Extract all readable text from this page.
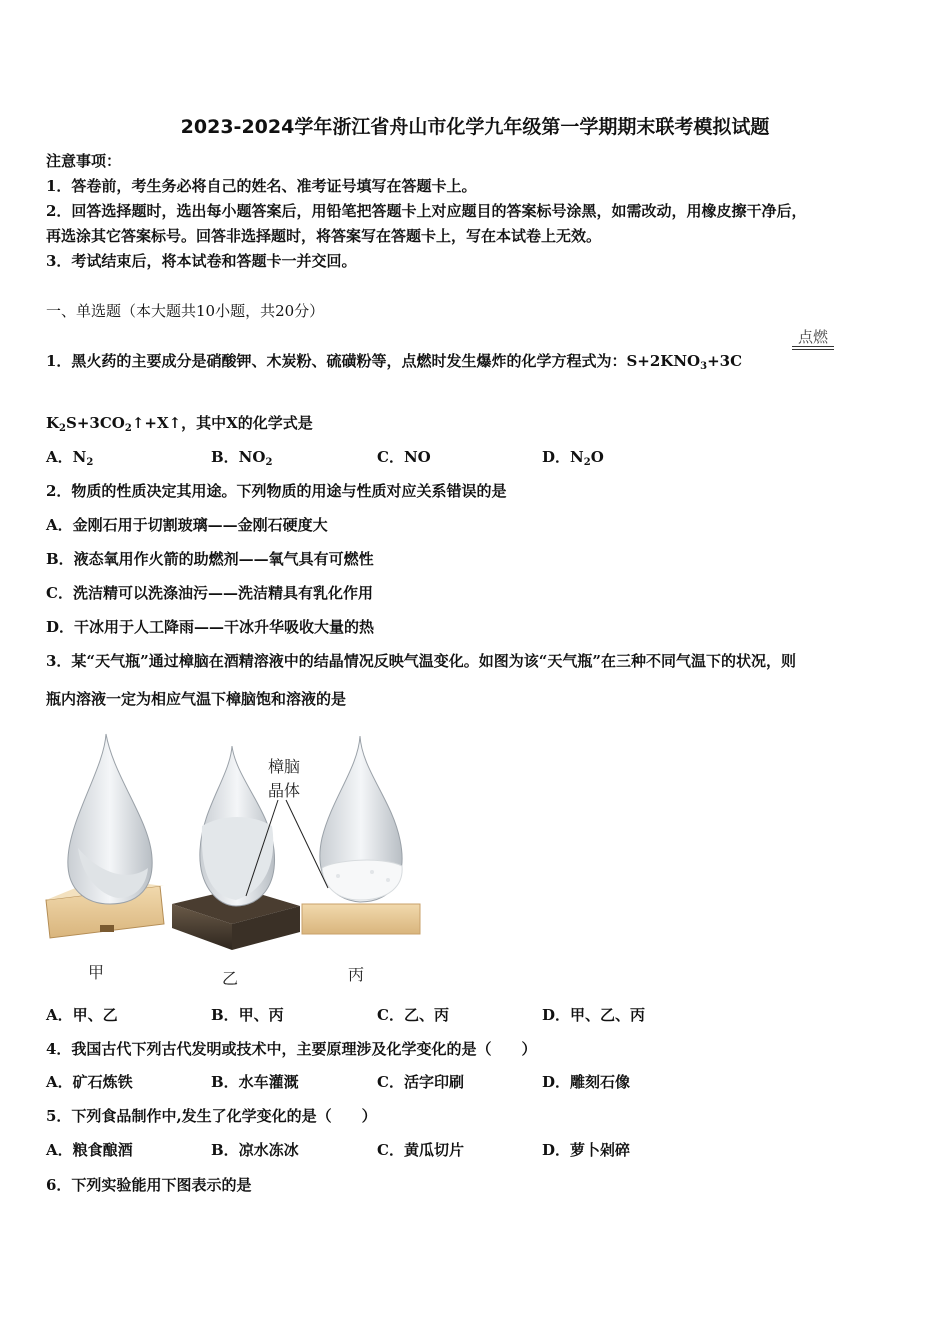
2023-2024学年浙江省舟山市化学九年级第一学期期末联考模拟试题
注意事项：
1．答卷前，考生务必将自己的姓名、准考证号填写在答题卡上。
2．回答选择题时，选出每小题答案后，用铅笔把答题卡上对应题目的答案标号涂黑，如需改动，用橡皮擦干净后，
再选涂其它答案标号。回答非选择题时，将答案写在答题卡上，写在本试卷上无效。
3．考试结束后，将本试卷和答题卡一并交回。
一、单选题（本大题共10小题，共20分）
1．黑火药的主要成分是硝酸钾、木炭粉、硫磺粉等，点燃时发生爆炸的化学方程式为：$S+2KNO_3+3C$
点燃
$K_2S+3CO_2↑+X↑$，其中X的化学式是
A．$N_2$	B．$NO_2$	C．NO	D．$N_2O$
2．物质的性质决定其用途。下列物质的用途与性质对应关系错误的是
A．金刚石用于切割玻璃——金刚石硬度大
B．液态氧用作火箭的助燃剂——氧气具有可燃性
C．洗洁精可以洗涤油污——洗洁精具有乳化作用
D．干冰用于人工降雨——干冰升华吸收大量的热
3．某“天气瓶”通过樟脑在酒精溶液中的结晶情况反映气温变化。如图为该“天气瓶”在三种不同气温下的状况，则
瓶内溶液一定为相应气温下樟脑饱和溶液的是
樟脑
晶体
甲	乙	丙
A．甲、乙	B．甲、丙	C．乙、丙	D．甲、乙、丙
4．我国古代下列古代发明或技术中，主要原理涉及化学变化的是（　　）
A．矿石炼铁	B．水车灌溉	C．活字印刷	D．雕刻石像
5．下列食品制作中,发生了化学变化的是（　　）
A．粮食酿酒	B．凉水冻冰	C．黄瓜切片	D．萝卜剁碎
6．下列实验能用下图表示的是
